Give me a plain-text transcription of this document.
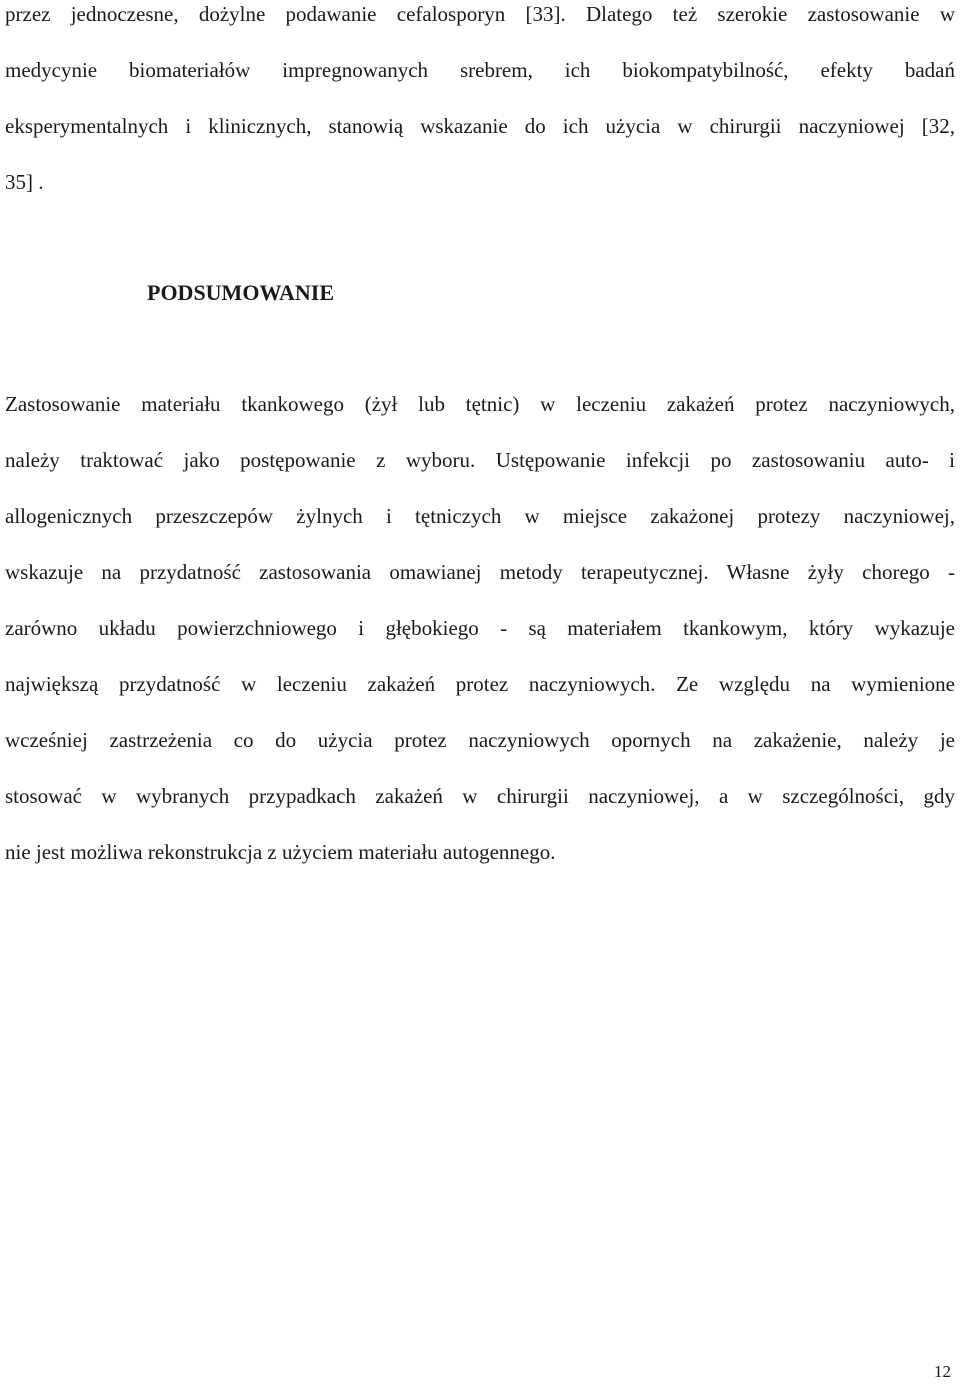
przez jednoczesne, dożylne podawanie cefalosporyn [33]. Dlatego też szerokie zastosowanie w
medycynie biomateriałów impregnowanych srebrem, ich biokompatybilność, efekty badań
eksperymentalnych i klinicznych, stanowią wskazanie do ich użycia w chirurgii naczyniowej [32,
35] .
PODSUMOWANIE
Zastosowanie materiału tkankowego (żył lub tętnic) w leczeniu zakażeń protez naczyniowych,
należy traktować jako postępowanie z wyboru. Ustępowanie infekcji po zastosowaniu auto- i
allogenicznych przeszczepów żylnych i tętniczych w miejsce zakażonej protezy naczyniowej,
wskazuje na przydatność zastosowania omawianej metody terapeutycznej. Własne żyły chorego -
zarówno układu powierzchniowego i głębokiego - są materiałem tkankowym, który wykazuje
największą przydatność w leczeniu zakażeń protez naczyniowych. Ze względu na wymienione
wcześniej zastrzeżenia co do użycia protez naczyniowych opornych na zakażenie, należy je
stosować w wybranych przypadkach zakażeń w chirurgii naczyniowej, a w szczególności, gdy
nie jest możliwa rekonstrukcja z użyciem materiału autogennego.
12
